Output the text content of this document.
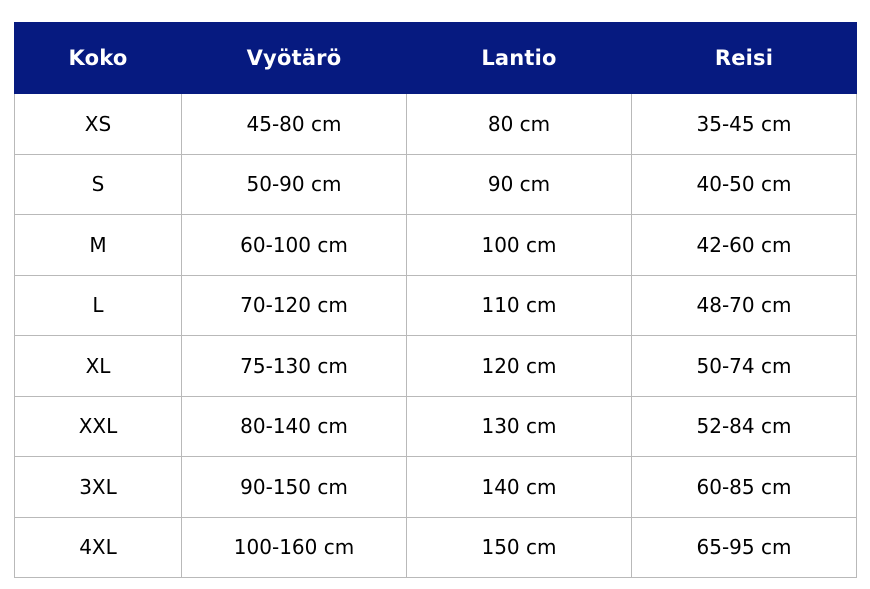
Koko	Vyötärö	Lantio	Reisi
XS	45-80 cm	80 cm	35-45 cm
S	50-90 cm	90 cm	40-50 cm
M	60-100 cm	100 cm	42-60 cm
L	70-120 cm	110 cm	48-70 cm
XL	75-130 cm	120 cm	50-74 cm
XXL	80-140 cm	130 cm	52-84 cm
3XL	90-150 cm	140 cm	60-85 cm
4XL	100-160 cm	150 cm	65-95 cm
